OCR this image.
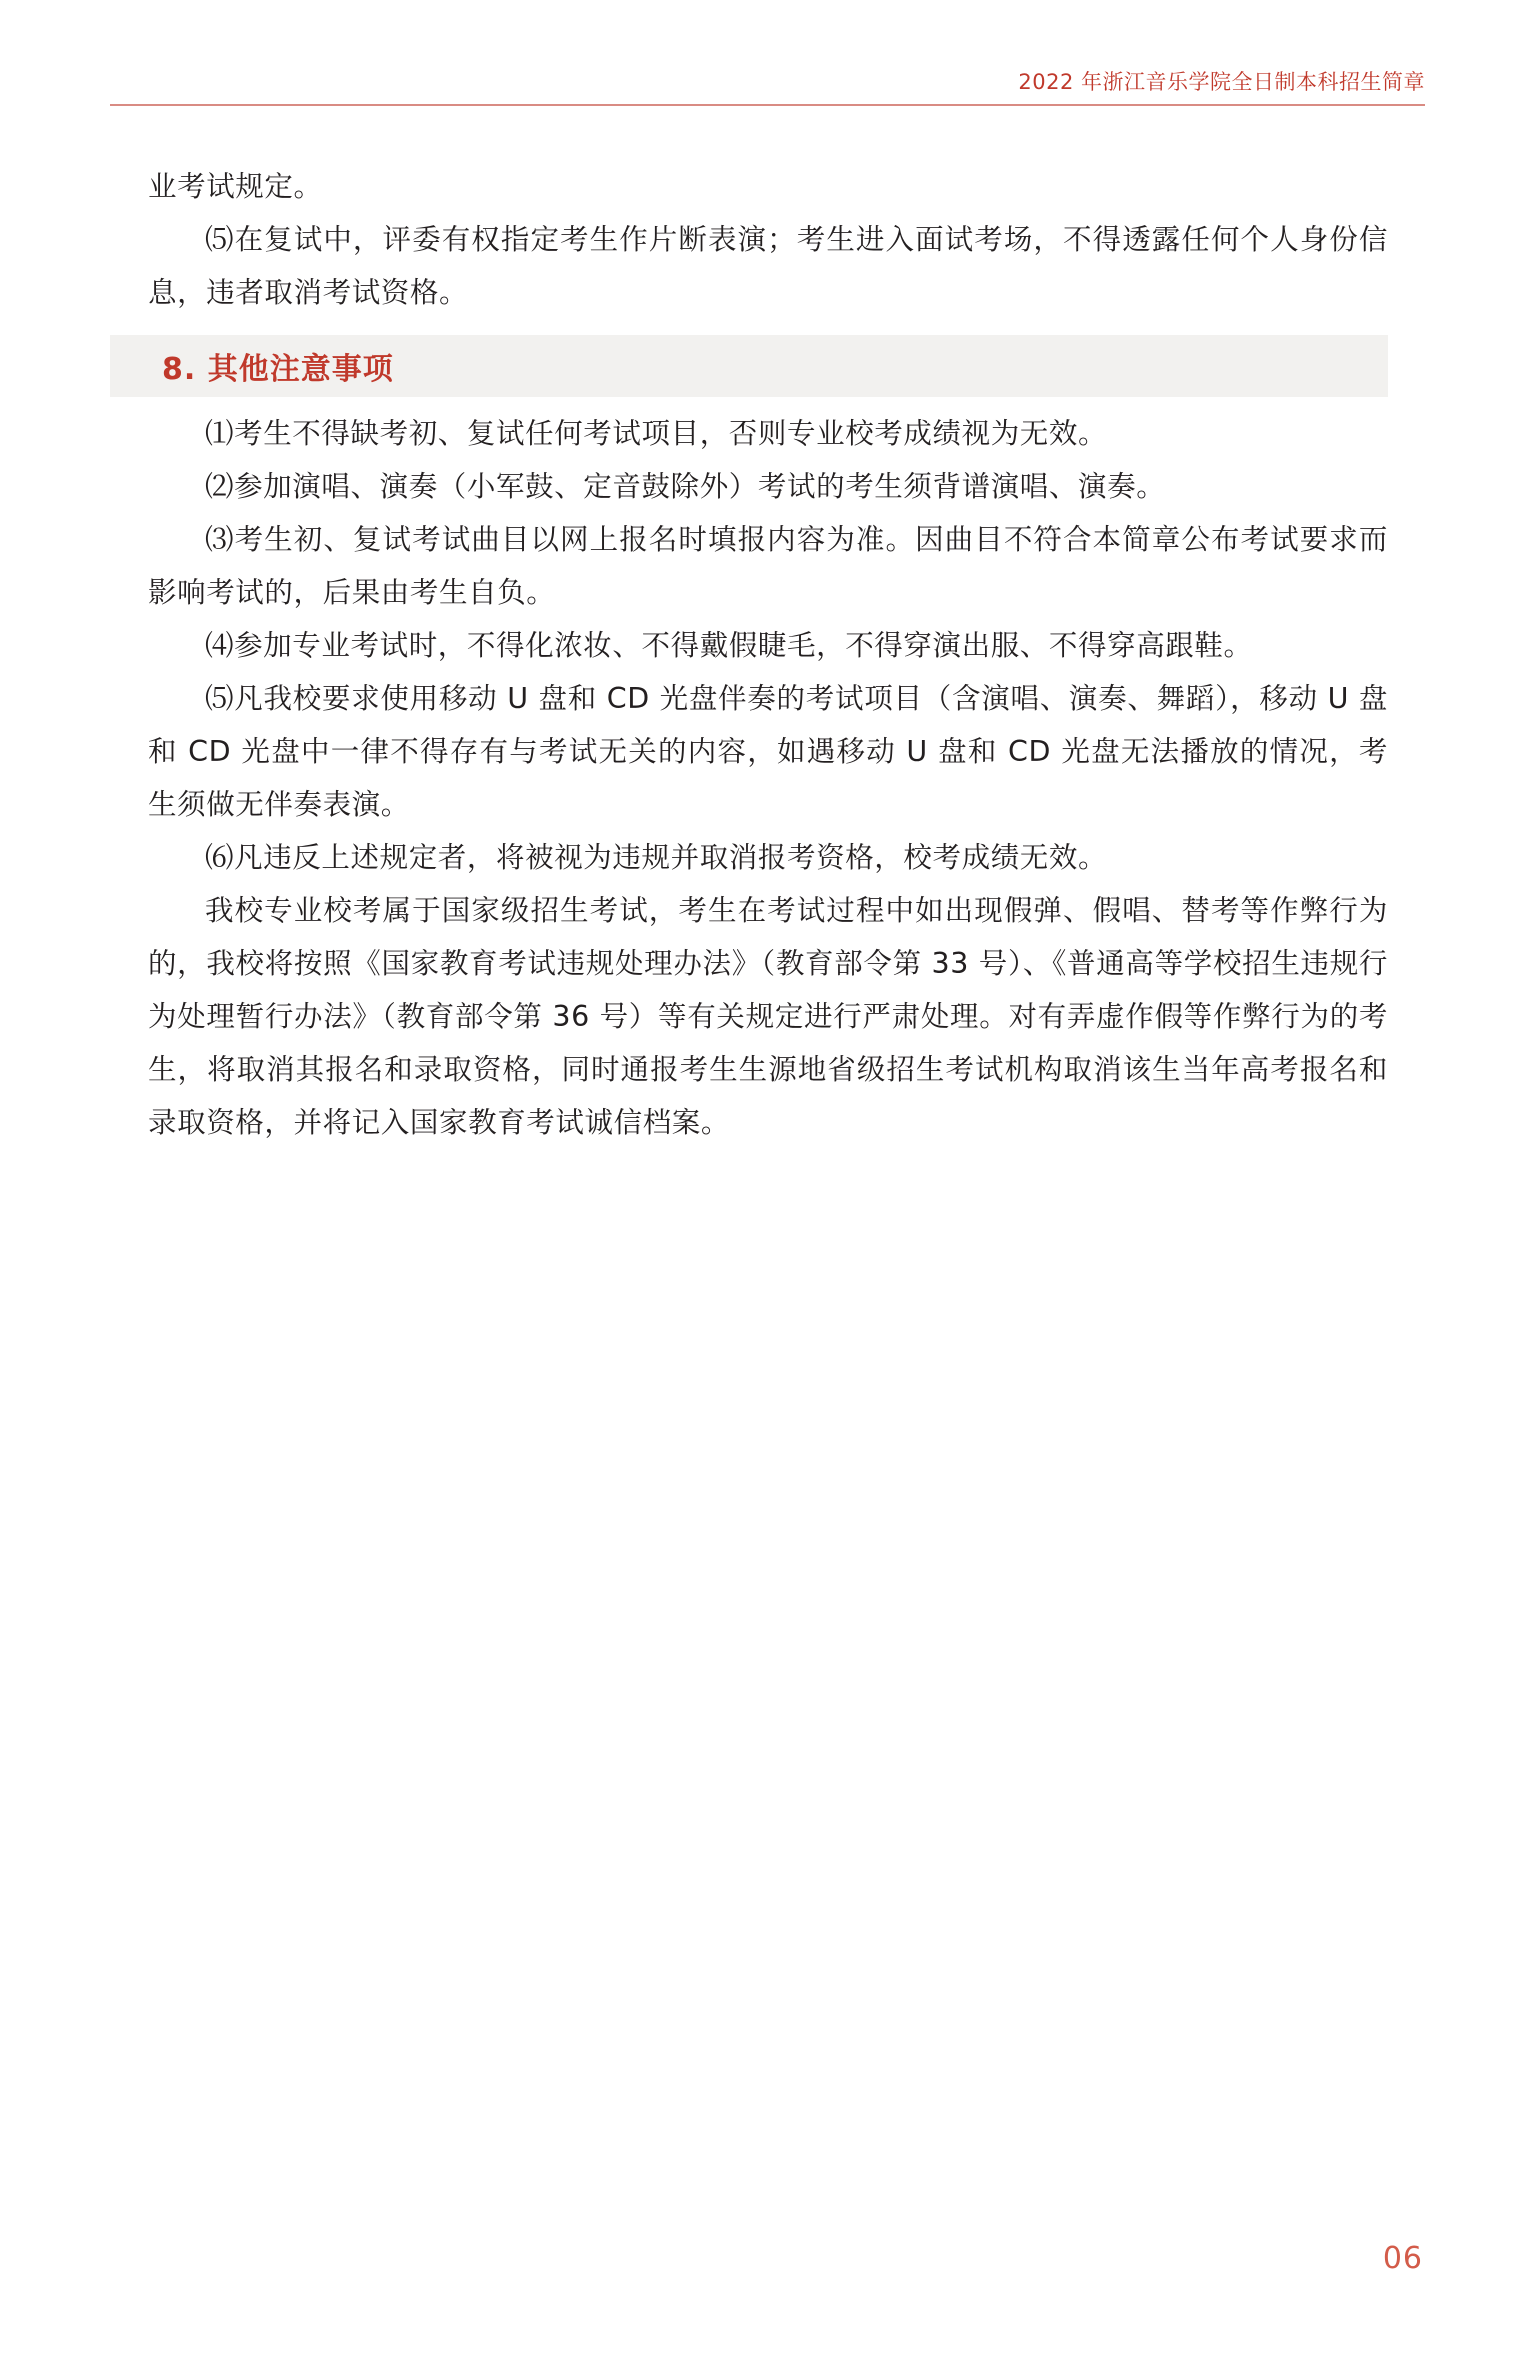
2022 年浙江音乐学院全日制本科招生简章

业考试规定。

⑸在复试中，评委有权指定考生作片断表演；考生进入面试考场，不得透露任何个人身份信息，违者取消考试资格。

8. 其他注意事项

⑴考生不得缺考初、复试任何考试项目，否则专业校考成绩视为无效。

⑵参加演唱、演奏（小军鼓、定音鼓除外）考试的考生须背谱演唱、演奏。

⑶考生初、复试考试曲目以网上报名时填报内容为准。因曲目不符合本简章公布考试要求而影响考试的，后果由考生自负。

⑷参加专业考试时，不得化浓妆、不得戴假睫毛，不得穿演出服、不得穿高跟鞋。

⑸凡我校要求使用移动 U 盘和 CD 光盘伴奏的考试项目（含演唱、演奏、舞蹈），移动 U 盘和 CD 光盘中一律不得存有与考试无关的内容，如遇移动 U 盘和 CD 光盘无法播放的情况，考生须做无伴奏表演。

⑹凡违反上述规定者，将被视为违规并取消报考资格，校考成绩无效。

我校专业校考属于国家级招生考试，考生在考试过程中如出现假弹、假唱、替考等作弊行为的，我校将按照《国家教育考试违规处理办法》（教育部令第 33 号）、《普通高等学校招生违规行为处理暂行办法》（教育部令第 36 号）等有关规定进行严肃处理。对有弄虚作假等作弊行为的考生，将取消其报名和录取资格，同时通报考生生源地省级招生考试机构取消该生当年高考报名和录取资格，并将记入国家教育考试诚信档案。

06
